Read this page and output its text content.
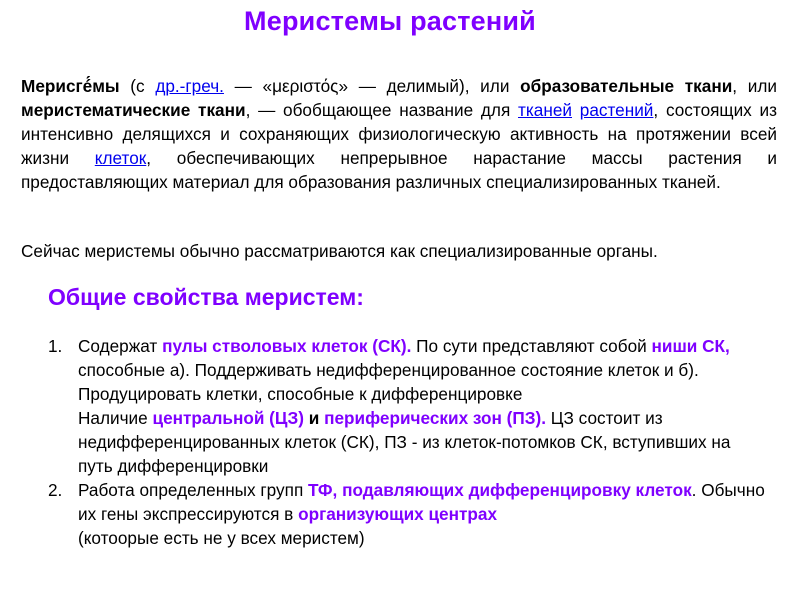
Меристемы растений
Мерисгé́мы (с др.-греч. — «μεριστός» — делимый), или образовательные ткани, или меристематические ткани, — обобщающее название для тканей растений, состоящих из интенсивно делящихся и сохраняющих физиологическую активность на протяжении всей жизни клеток, обеспечивающих непрерывное нарастание массы растения и предоставляющих материал для образования различных специализированных тканей.
Сейчас меристемы обычно рассматриваются как специализированные органы.
Общие свойства меристем:
1. Содержат пулы стволовых клеток (СК). По сути представляют собой ниши СК, способные а). Поддерживать недифференцированное состояние клеток и б). Продуцировать клетки, способные к дифференцировке
Наличие центральной (ЦЗ) и периферических зон (ПЗ). ЦЗ состоит из недифференцированных клеток (СК), ПЗ - из клеток-потомков СК, вступивших на путь дифференцировки
2. Работа определенных групп ТФ, подавляющих дифференцировку клеток. Обычно их гены экспрессируются в организующих центрах
(котоорые есть не у всех меристем)
